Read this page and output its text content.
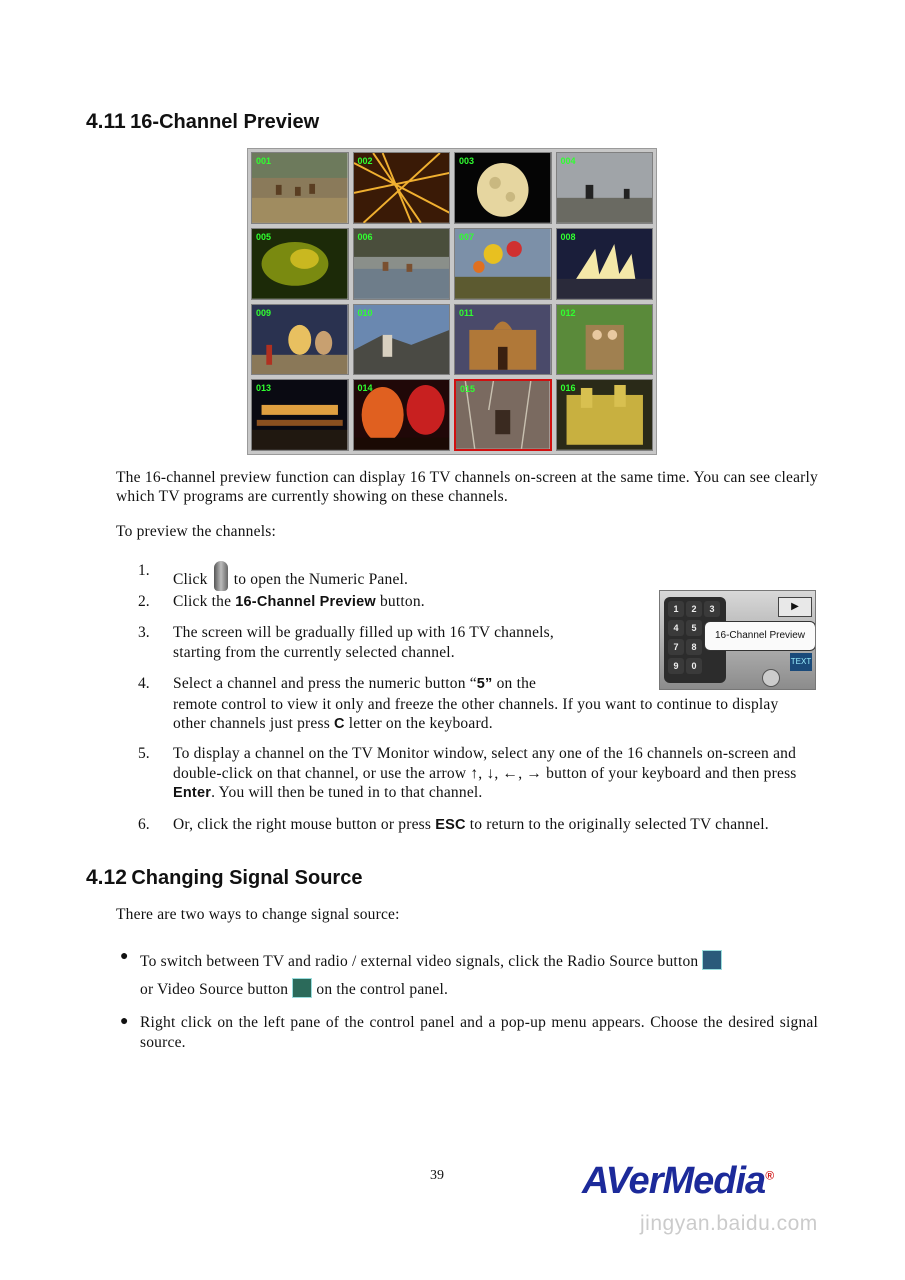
4.11 16-Channel Preview
001	002	003	004
005	006	007	008
009	010	011	012
013	014	015	016
The 16-channel preview function can display 16 TV channels on-screen at the same time. You can see clearly which TV programs are currently showing on these channels.
To preview the channels:
1.
Click to open the Numeric Panel.
2. Click the 16-Channel Preview button.
3. The screen will be gradually filled up with 16 TV channels,
starting from the currently selected channel.
1	2	3
4	5
7	8
9	0
▶
16-Channel Preview
TEXT
4. Select a channel and press the numeric button “5” on the
remote control to view it only and freeze the other channels. If you want to continue to display other channels just press C letter on the keyboard.
5. To display a channel on the TV Monitor window, select any one of the 16 channels on-screen and double-click on that channel, or use the arrow ↑, ↓, ←, → button of your keyboard and then press Enter. You will then be tuned in to that channel.
6. Or, click the right mouse button or press ESC to return to the originally selected TV channel.
4.12 Changing Signal Source
There are two ways to change signal source:
● To switch between TV and radio / external video signals, click the Radio Source button
or Video Source button on the control panel.
● Right click on the left pane of the control panel and a pop-up menu appears. Choose the desired signal source.
39	AVerMedia®
jingyan.baidu.com
